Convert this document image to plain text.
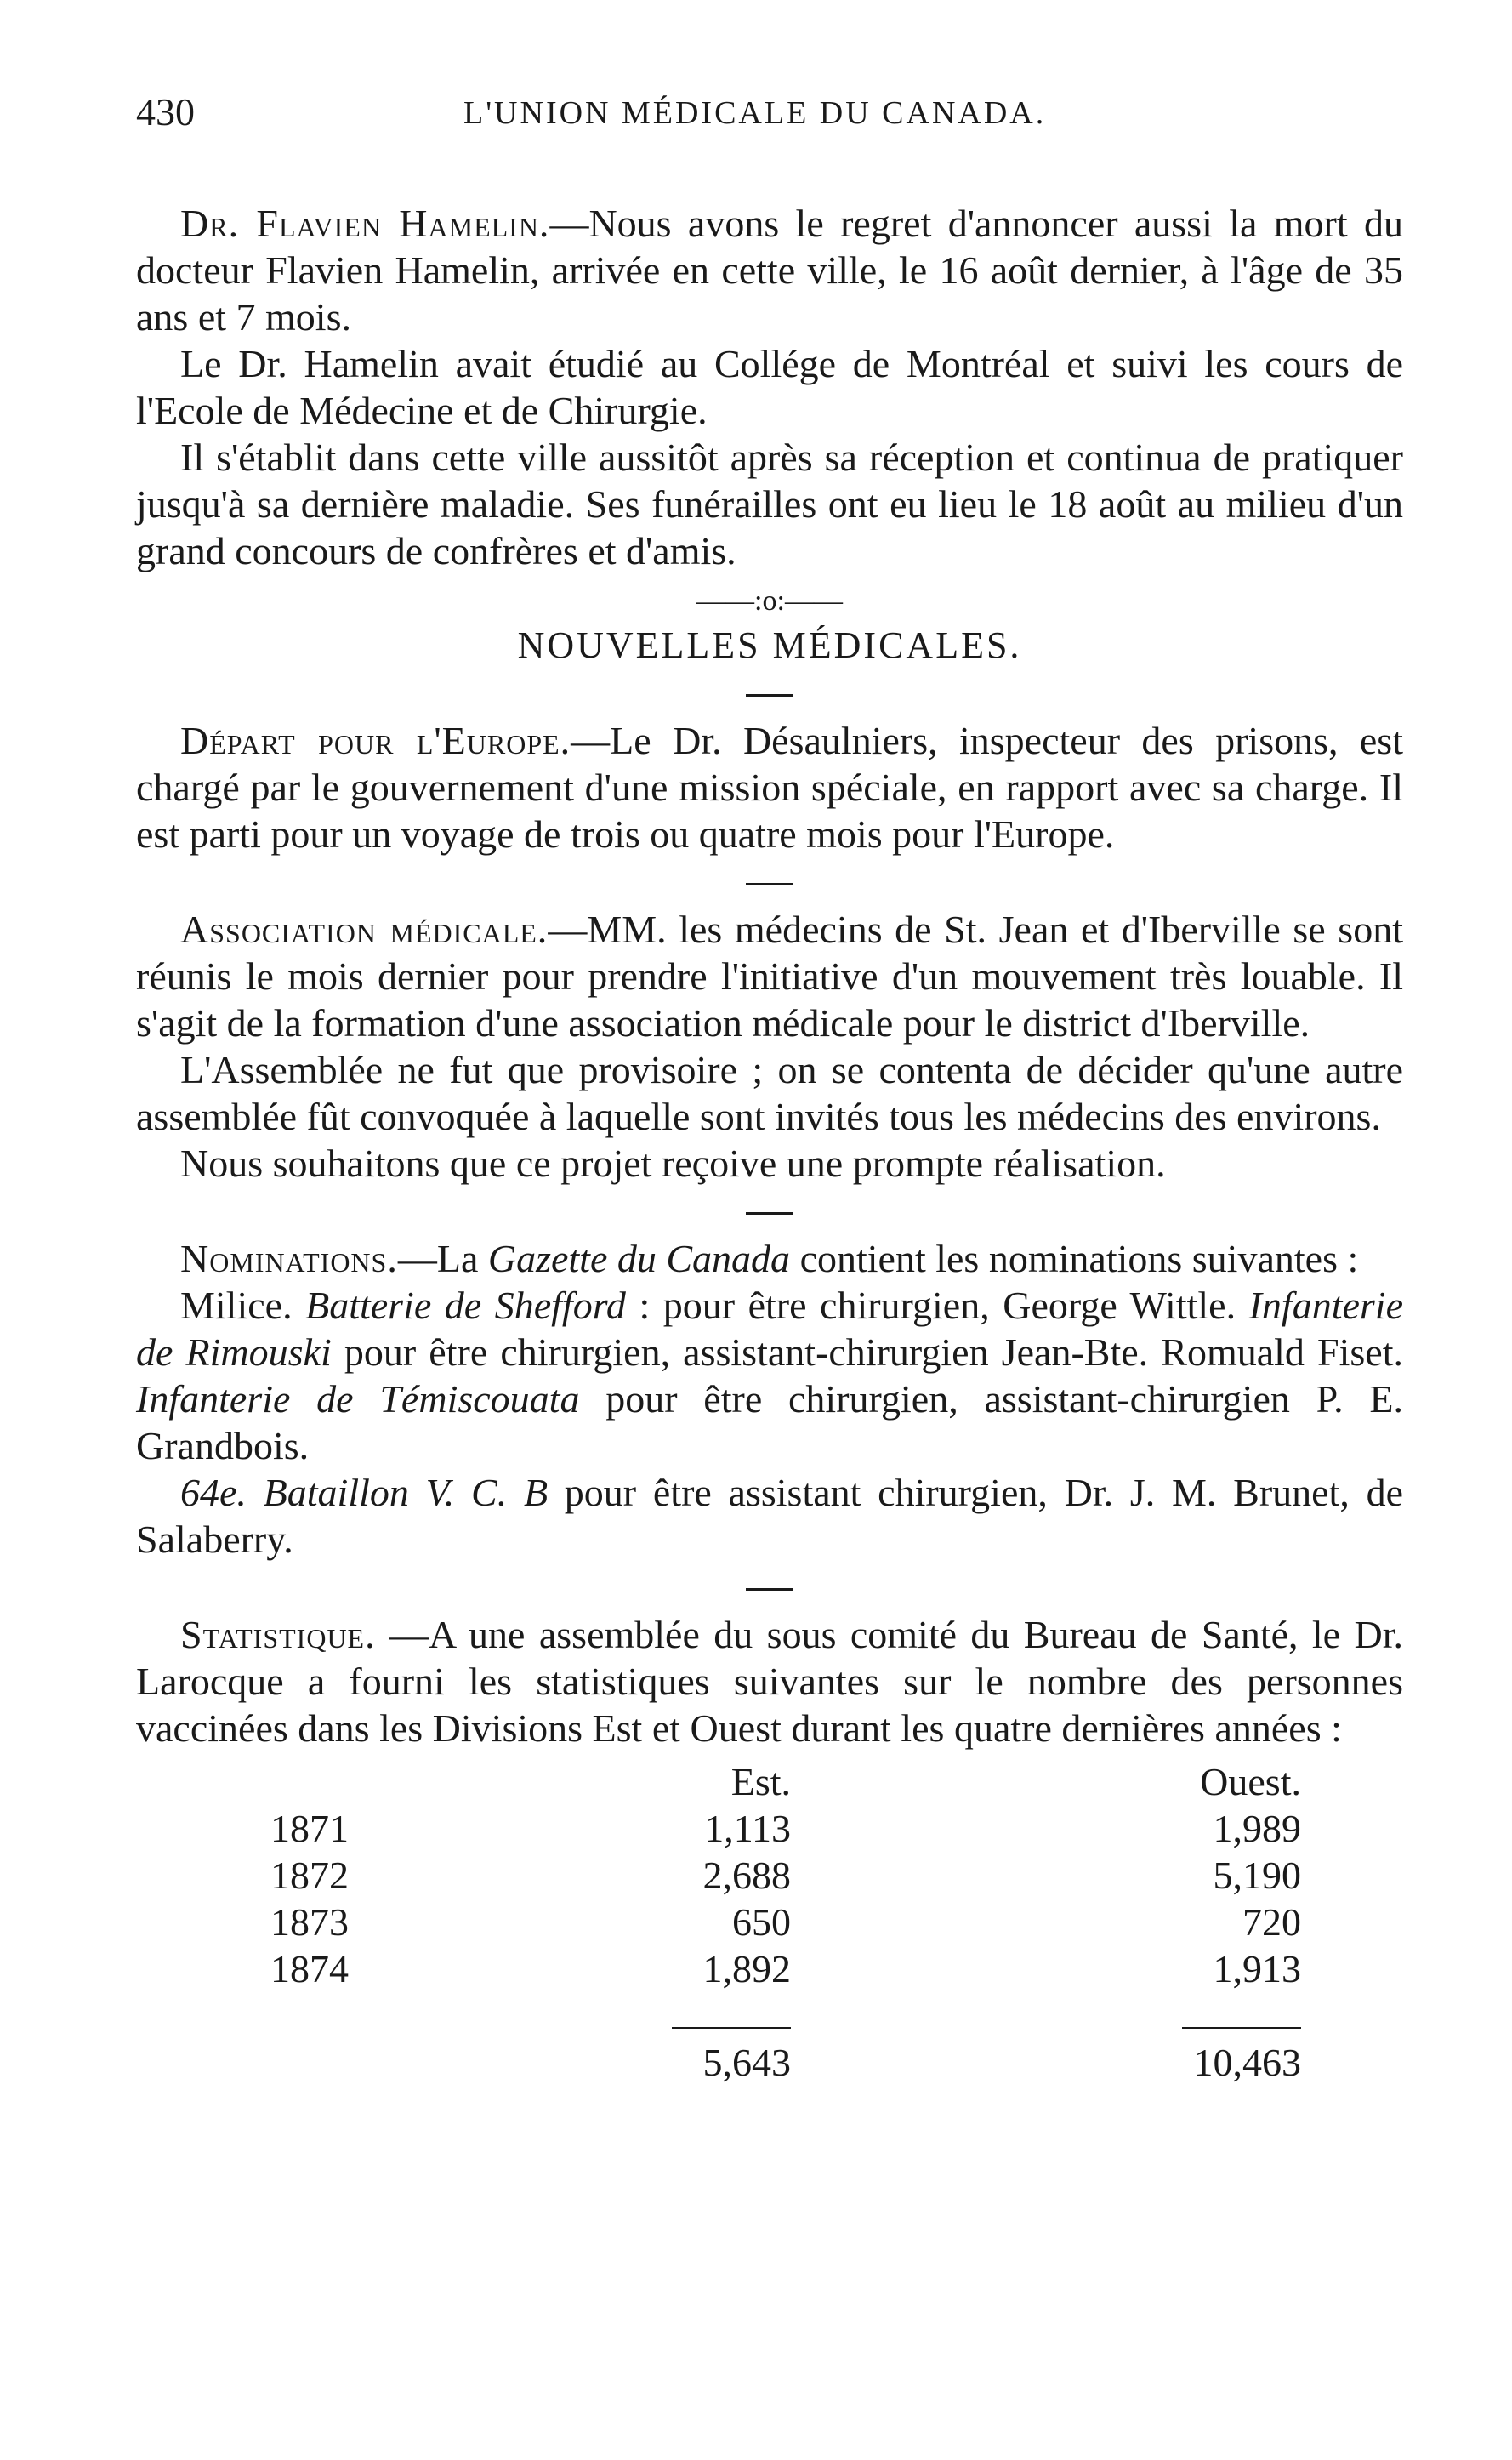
430	L'UNION MÉDICALE DU CANADA.

Dr. Flavien Hamelin.—Nous avons le regret d'annoncer aussi la mort du docteur Flavien Hamelin, arrivée en cette ville, le 16 août dernier, à l'âge de 35 ans et 7 mois.

Le Dr. Hamelin avait étudié au Collége de Montréal et suivi les cours de l'Ecole de Médecine et de Chirurgie.

Il s'établit dans cette ville aussitôt après sa réception et continua de pratiquer jusqu'à sa dernière maladie. Ses funérailles ont eu lieu le 18 août au milieu d'un grand concours de confrères et d'amis.

——:o:——
NOUVELLES MÉDICALES.

Départ pour l'Europe.—Le Dr. Désaulniers, inspecteur des prisons, est chargé par le gouvernement d'une mission spéciale, en rapport avec sa charge. Il est parti pour un voyage de trois ou quatre mois pour l'Europe.

Association médicale.—MM. les médecins de St. Jean et d'Iberville se sont réunis le mois dernier pour prendre l'initiative d'un mouvement très louable. Il s'agit de la formation d'une association médicale pour le district d'Iberville.

L'Assemblée ne fut que provisoire ; on se contenta de décider qu'une autre assemblée fût convoquée à laquelle sont invités tous les médecins des environs.

Nous souhaitons que ce projet reçoive une prompte réalisation.

Nominations.—La Gazette du Canada contient les nominations suivantes :

Milice. Batterie de Shefford : pour être chirurgien, George Wittle. Infanterie de Rimouski pour être chirurgien, assistant-chirurgien Jean-Bte. Romuald Fiset. Infanterie de Témiscouata pour être chirurgien, assistant-chirurgien P. E. Grandbois.

64e. Bataillon V. C. B pour être assistant chirurgien, Dr. J. M. Brunet, de Salaberry.

Statistique. —A une assemblée du sous comité du Bureau de Santé, le Dr. Larocque a fourni les statistiques suivantes sur le nombre des personnes vaccinées dans les Divisions Est et Ouest durant les quatre dernières années :

	Est.	Ouest.
1871	1,113	1,989
1872	2,688	5,190
1873	650	720
1874	1,892	1,913

	5,643	10,463
